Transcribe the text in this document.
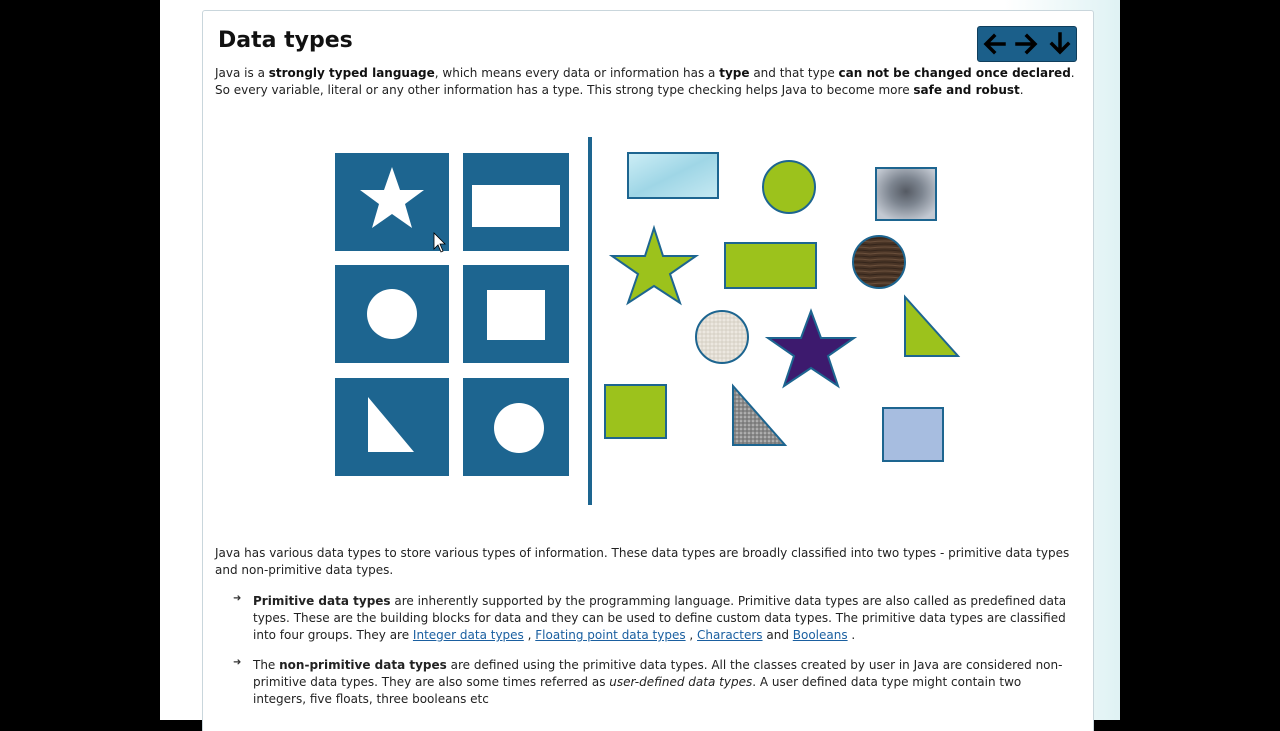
Data types

Java is a strongly typed language, which means every data or information has a type and that type can not be changed once declared. So every variable, literal or any other information has a type. This strong type checking helps Java to become more safe and robust.

Java has various data types to store various types of information. These data types are broadly classified into two types - primitive data types and non-primitive data types.

➜ Primitive data types are inherently supported by the programming language. Primitive data types are also called as predefined data types. These are the building blocks for data and they can be used to define custom data types. The primitive data types are classified into four groups. They are Integer data types , Floating point data types , Characters and Booleans .

➜ The non-primitive data types are defined using the primitive data types. All the classes created by user in Java are considered non-primitive data types. They are also some times referred as user-defined data types. A user defined data type might contain two integers, five floats, three booleans etc
